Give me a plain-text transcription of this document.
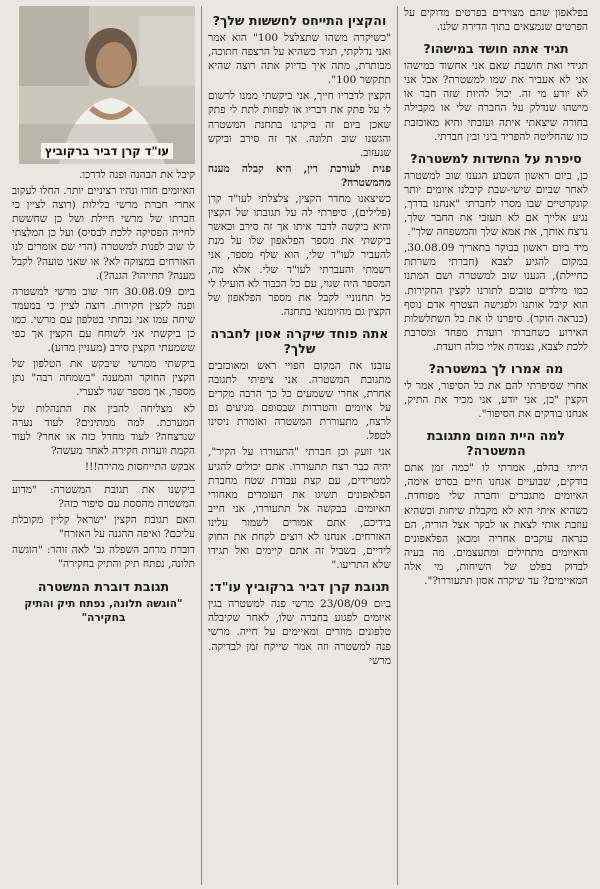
בפלאפון שהם מצוידים בפרטים מדוקים על הפרטים שנמצאים בתוך הדירה שלנו.

תגיד אתה חושד במישהו?

תגידי ואת חושבת שאם אני אחשוד במישהו אני לא אעביר את שמו למשטרה? אבל אני לא יודע מי זה. יכול להיות שזה חבר או מישהו שנדלק על החברה שלי או מקבילה בחורה שיצאתי איתה ועזבתי והיא מאוכזבת כזו שהחליטה להפריד ביני ובין חברתי.

סיפרת על החשדות למשטרה?

כן, ביום ראשון השבוע הגענו שוב למשטרה לאחר שביום שישי-שבת קיבלנו איומים יותר קונקרטיים שבו מסרו לחברתי "אנחנו בדרך, נגיע אלייך אם לא תעזבי את החבר שלך, נרצח אותך, את אמא שלך והמשפחה שלך".

מיד ביום ראשון בבוקר בתאריך 30.08.09, במקום להגיע לצבא (חברתי משרתת כחיילת), הגענו שוב למשטרה ושם המתנו כמו מילדים טובים לתורנו לקצין החקירות. הוא קיבל אותנו ולפגישה הצטרף אדם נוסף (כנראה חוקר). סיפרנו לו את כל השתלשלות האירוע כשחברתי רועדת מפחד ומסרבת ללכת לצבא, נצמדת אליי כולה רועדת.

מה אמרו לך במשטרה?

אחרי שסיפרתי להם את כל הסיפור, אמר לי הקצין "כן, אני יודע, אני מכיר את התיק, אנחנו בודקים את הסיפור".

למה היית המום מתגובת המשטרה?

הייתי בהלם, אמרתי לו "כמה זמן אתם בודקים, שבועיים אנחנו חיים בסרט אימה, האיומים מתגברים וחברה שלי מפוחדת. כשהיא איתי היא לא מקבלת שיחות וכשהיא עוזבת אותי לצאת או לבקר אצל הוריה, הם כנראה עוקבים אחריה ומכאן הפלאפונים והאיומים מתחילים ומתעצמים. מה בעיה לבדוק בפלט של השיחות, מי אלה המאיימים? עד שיקרה אסון תתעוררו?".

והקצין התייחס לחששות שלך?

"כשיקרה משהו שתצלצל 100" הוא אמר ואני נדלקתי, תגיד כשהיא על הרצפה חתוכה, מבותרת, מתה איך בדיוק אתה רוצה שהיא תתקשר 100".

הקצין לדבריו חייך, אני ביקשתי ממנו לרשום לי על פתק את דבריו או לפחות לתת לי פתק שאכן ביום זה ביקרנו בתחנת המשטרה והגשנו שוב תלונה. אך זה סירב וביקש שנעזוב.

פנית לעורכת דין, היא קבלה מענה מהמשטרה?

כשיצאנו מחדר הקצין, צלצלתי לעו"ד קרן (פלילים), סיפרתי לה על תגובתו של הקצין והיא ביקשה לדבר איתו אך זה סירב וכאשר ביקשתי את מספר הפלאפון שלו על מנת להעביר לעו"ד שלי, הוא שלף מספר, אני רשמתי והעברתי לעו"ד שלי. אלא מה, המספר היה שגוי, עם כל הכבוד לא הועילו לי כל תחנוניי לקבל את מספר הפלאפון של הקצין גם מהיומנאי בתחנה.

אתה פוחד שיקרה אסון לחברה שלך?

עזבנו את המקום חפויי ראש ומאוכזבים מתגובת המשטרה. אני ציפיתי לתגובה אחרת, אחרי ששמעים כל כך הרבה מקרים על איומים והטרדות שבסופם מגיעים גם לרצח, מתעוררת המשטרה ואומרת ניסינו לטפל.

אני זועק וכן חברתי "התעוררו על הקיר", יהיה כבר רצח תתעוררו. אתם יכולים להגיע למטרידים, עם קצת עבודת שטח מחברת הפלאפונים תשיגו את העומדים מאחורי האיומים. בבקשה אל תתעוררו, אני חייב בידיכם, אתם אמורים לשמור עלינו האזרחים. אנחנו לא רוצים לקחת את החוק לידיים, בשביל זה אתם קיימים ואל תגידו שלא התריעו."

תגובת קרן דביר ברקוביץ עו"ד:

ביום 23/08/09 מרשי פנה למשטרה בגין איומים לפגוע בחברה שלו, לאחר שקיבלה טלפונים מוזרים ומאיימים על חייה. מרשי פנה למשטרה וזה אמר שייקח זמן לבדיקה. מרשי

עו"ד קרן דביר ברקוביץ

קיבל את הבהנה ופנה לדרכו.

האיומים חזרו ונהיו רציניים יותר. החלו לעקוב אחרי חברת מרשי בלילות (רוצה לציין כי חברתו של מרשי חיילת ושל כן שחששת לחייה הפסיקה ללכת לבסיס) ועל כן המלצתי לו שוב לפנות למשטרה (הרי שם אומרים לנו האזרחים במצוקה לא? או שאני טועה? לקבל מענה? תחייהו? הגנה?).

ביום 30.08.09 חזר שוב מרשי למשטרה ופנה לקצין חקירות. רוצה לציין כי במעמד שיחה עמו אני נכחתי בטלפון עם מרשי. כמו כן ביקשתי אני לשוחח עם הקצין אך כפי ששמעתי הקצין סירב (מעניין מדוע).

ביקשתי ממרשי שיבקש את הטלפון של הקצין החוקר והמענה "בשמחה רבה" נתן מספר, אך מספר שגוי לצערי.

לא מצליחה להבין את התנהלות של המערכת. למה ממתינים? לעוד נערה שנרצחה? לעוד מחדל כזה או אחר? לעוד הקמת וועדות חקירה לאחר מעשה?

אבקש התייחסות מהירה!!!

ביקשנו את תגובת המשטרה: "מדוע המשטרה מהססת עם סיפור כזה?

האם תגובת הקצין 'ישראל קליין מקובלת עליכם? ואיפה ההגנה על האזרח"

דוברת מרחב השפלה גב' לאה זוהר: "הוגשה תלונה, נפתח תיק והתיק בחקירה"

תגובת דוברת המשטרה

"הוגשה תלונה, נפתח תיק והתיק בחקירה"
